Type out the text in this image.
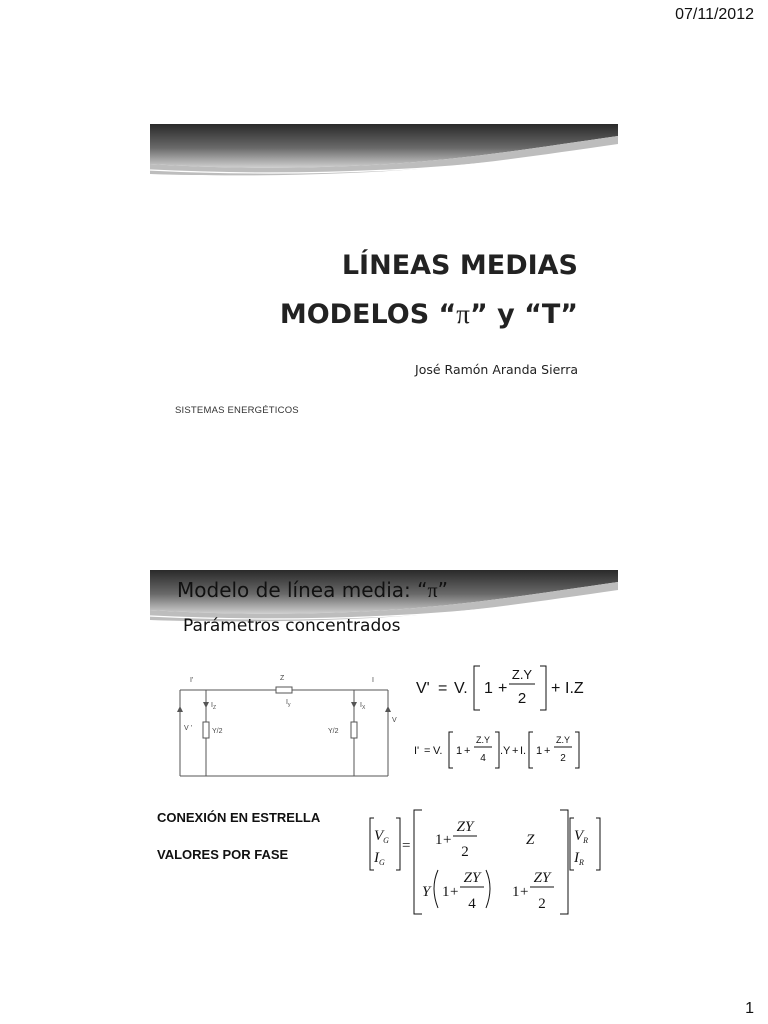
07/11/2012
LÍNEAS MEDIAS
MODELOS “π” y “T”
José Ramón Aranda Sierra
SISTEMAS ENERGÉTICOS
Modelo de línea media: “π”
Parámetros concentrados
I'	Z	I
$I_Z$
$I_y$	$I_X$
V '
V
Y/2	Y/2
V' = V. 1 +
Z.Y
2
+ I.Z
I' = V. 1 +
Z.Y
4
.Y + I. 1 +
Z.Y
2
CONEXIÓN EN ESTRELLA
VALORES POR FASE
$V_G$
$I_G$
= 1 +
ZY
2
Z
Y 1 +
ZY
4
1 +
ZY
2
$V_R$
$I_R$
1
